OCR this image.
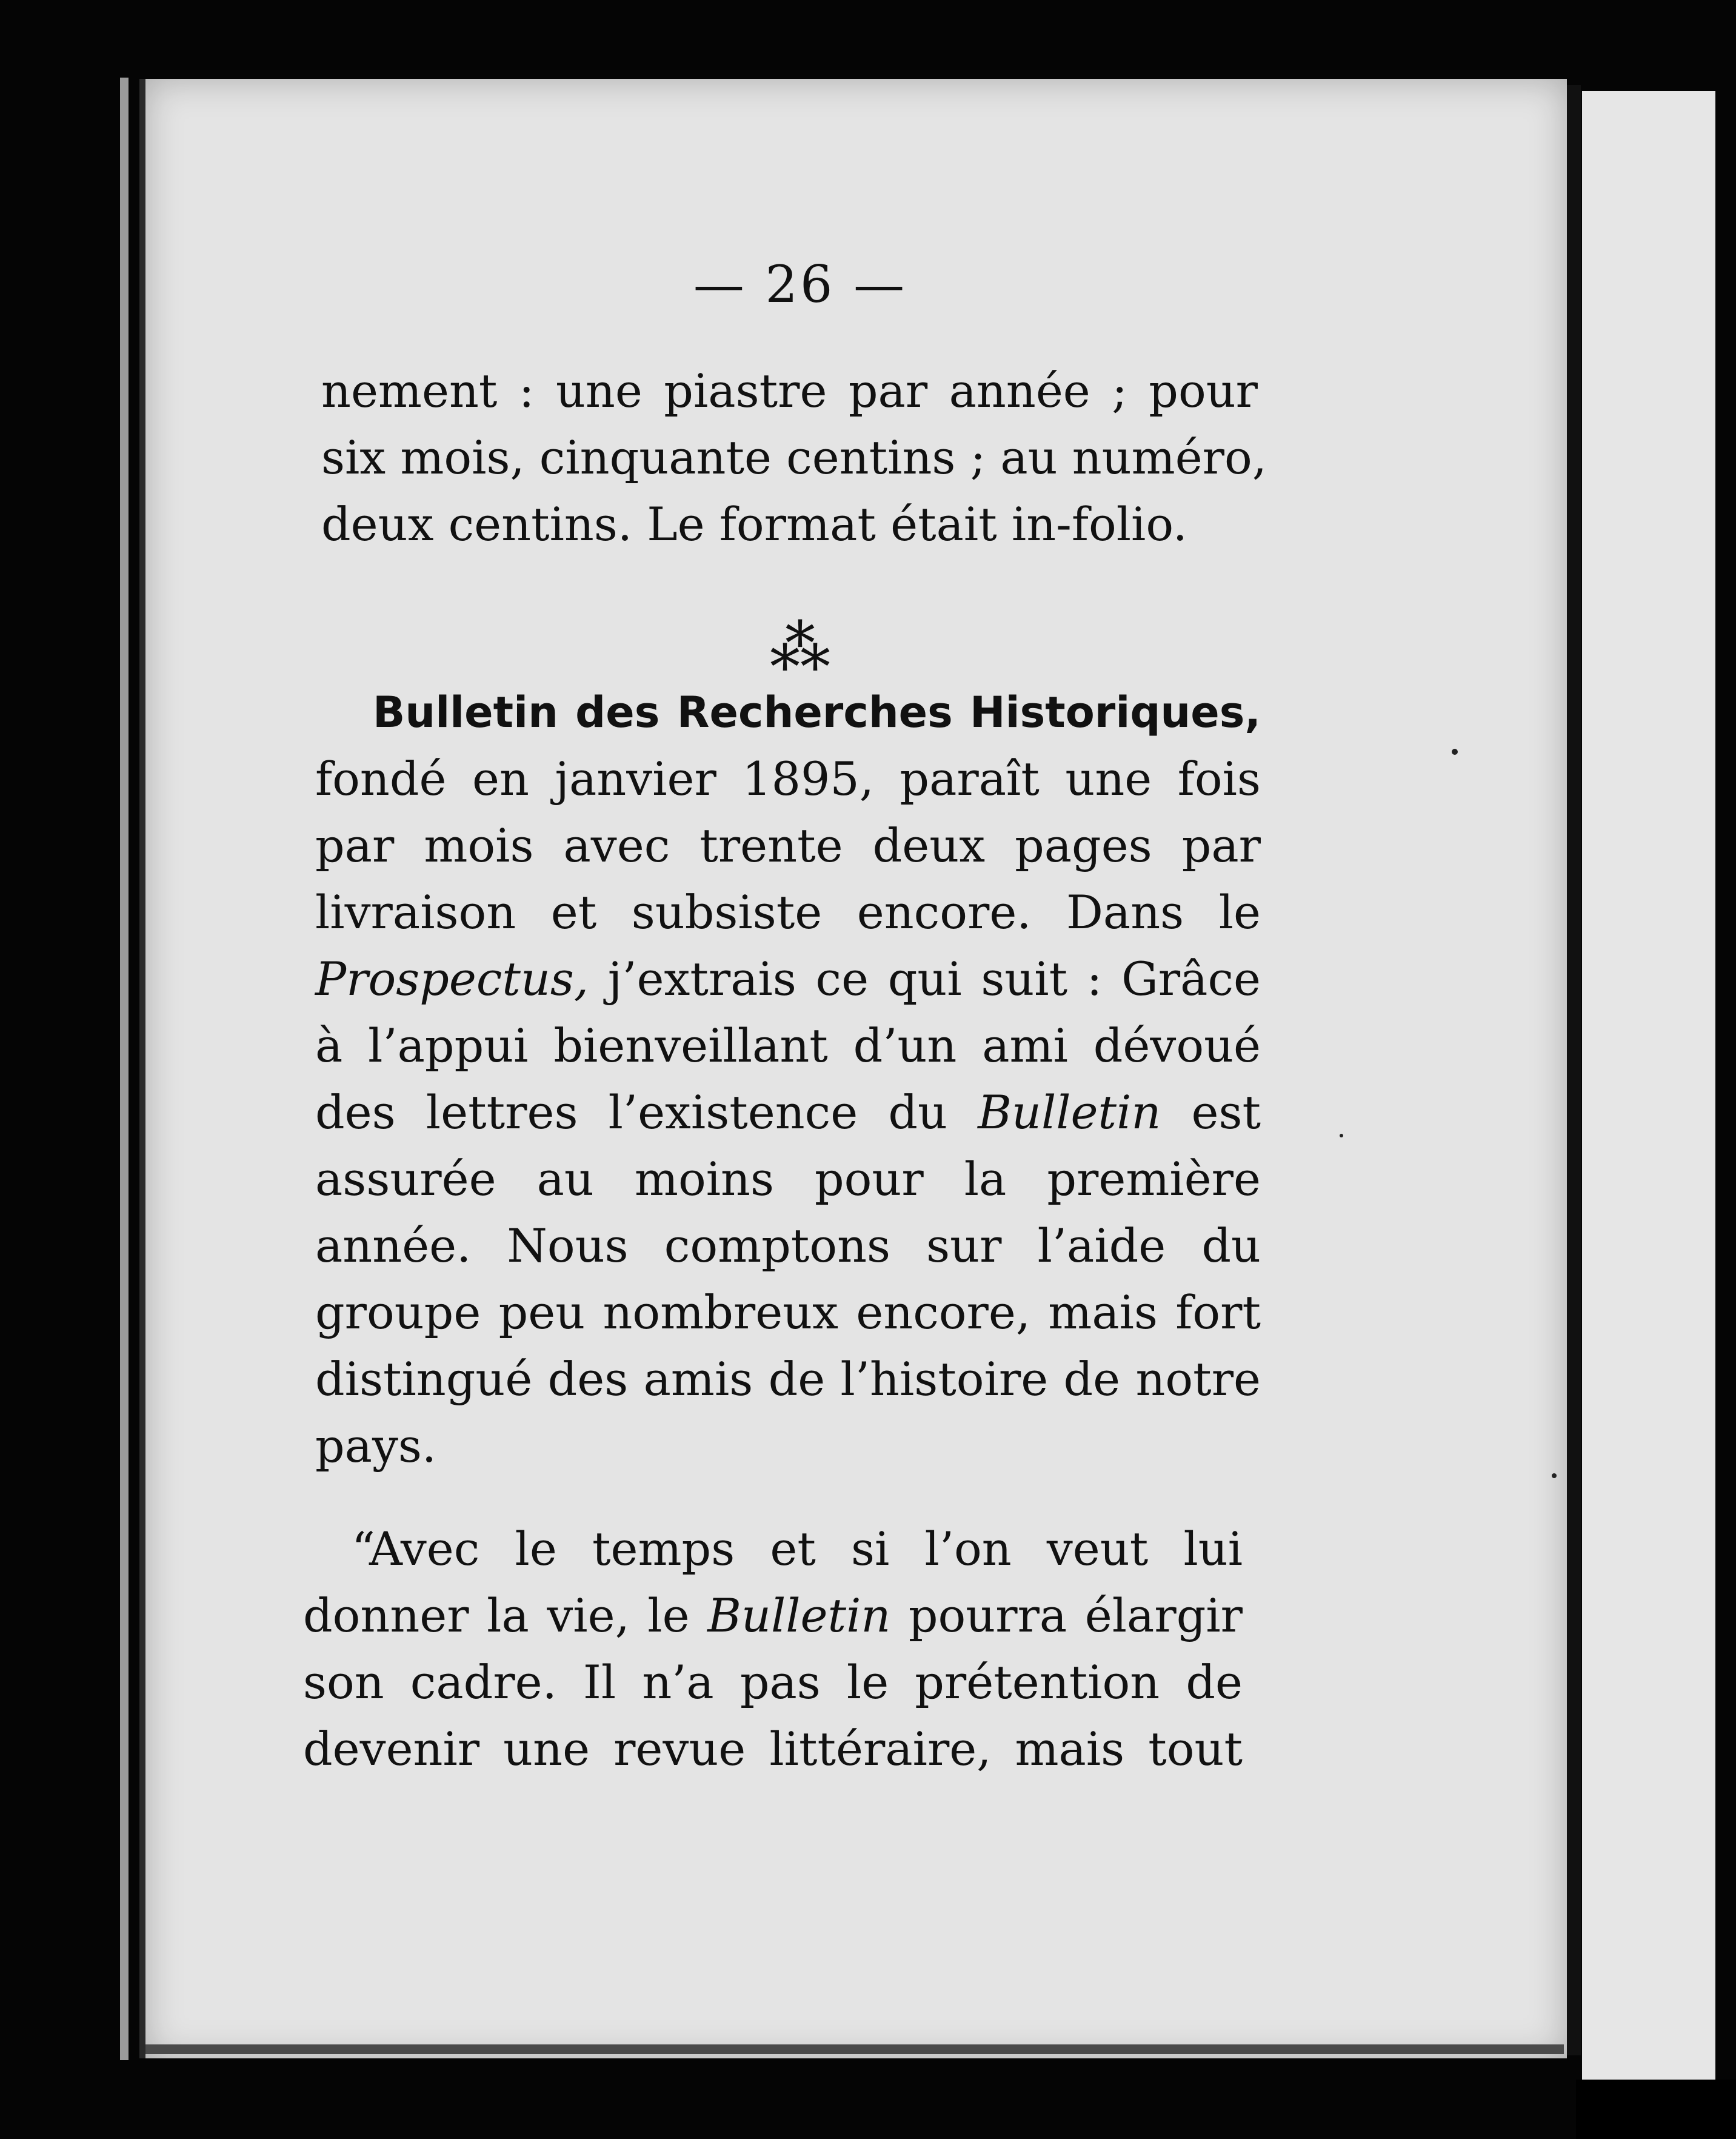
— 26 —

nement : une piastre par année ; pour
six mois, cinquante centins ; au numéro,
deux centins. Le format était in-folio.

⁂

Bulletin des Recherches Historiques,
fondé en janvier 1895, paraît une fois
par mois avec trente deux pages par
livraison et subsiste encore. Dans le
Prospectus, j’extrais ce qui suit : Grâce
à l’appui bienveillant d’un ami dévoué
des lettres l’existence du Bulletin est
assurée au moins pour la première
année. Nous comptons sur l’aide du
groupe peu nombreux encore, mais fort
distingué des amis de l’histoire de notre
pays.
“Avec le temps et si l’on veut lui
donner la vie, le Bulletin pourra élargir
son cadre. Il n’a pas le prétention de
devenir une revue littéraire, mais tout
